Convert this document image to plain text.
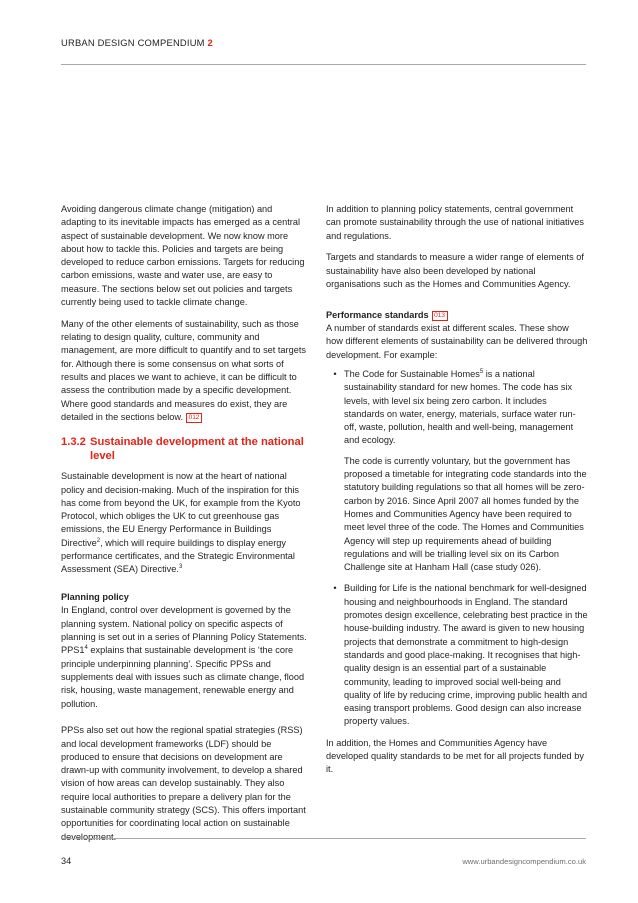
URBAN DESIGN COMPENDIUM 2

Avoiding dangerous climate change (mitigation) and adapting to its inevitable impacts has emerged as a central aspect of sustainable development. We now know more about how to tackle this. Policies and targets are being developed to reduce carbon emissions. Targets for reducing carbon emissions, waste and water use, are easy to measure. The sections below set out policies and targets currently being used to tackle climate change.

Many of the other elements of sustainability, such as those relating to design quality, culture, community and management, are more difficult to quantify and to set targets for. Although there is some consensus on what sorts of results and places we want to achieve, it can be difficult to assess the contribution made by a specific development. Where good standards and measures do exist, they are detailed in the sections below. 012

1.3.2 Sustainable development at the national level

Sustainable development is now at the heart of national policy and decision-making. Much of the inspiration for this has come from beyond the UK, for example from the Kyoto Protocol, which obliges the UK to cut greenhouse gas emissions, the EU Energy Performance in Buildings Directive$^2$, which will require buildings to display energy performance certificates, and the Strategic Environmental Assessment (SEA) Directive.$^3$

Planning policy

In England, control over development is governed by the planning system. National policy on specific aspects of planning is set out in a series of Planning Policy Statements. $PPS1^4$ explains that sustainable development is ‘the core principle underpinning planning’. Specific PPSs and supplements deal with issues such as climate change, flood risk, housing, waste management, renewable energy and pollution.

PPSs also set out how the regional spatial strategies (RSS) and local development frameworks (LDF) should be produced to ensure that decisions on development are drawn-up with community involvement, to develop a shared vision of how areas can develop sustainably. They also require local authorities to prepare a delivery plan for the sustainable community strategy (SCS). This offers important opportunities for coordinating local action on sustainable development.

In addition to planning policy statements, central government can promote sustainability through the use of national initiatives and regulations.

Targets and standards to measure a wider range of elements of sustainability have also been developed by national organisations such as the Homes and Communities Agency.

Performance standards 013

A number of standards exist at different scales. These show how different elements of sustainability can be delivered through development. For example:

• The Code for Sustainable Homes$^5$ is a national sustainability standard for new homes. The code has six levels, with level six being zero carbon. It includes standards on water, energy, materials, surface water run-off, waste, pollution, health and well-being, management and ecology.
The code is currently voluntary, but the government has proposed a timetable for integrating code standards into the statutory building regulations so that all homes will be zero-carbon by 2016. Since April 2007 all homes funded by the Homes and Communities Agency have been required to meet level three of the code. The Homes and Communities Agency will step up requirements ahead of building regulations and will be trialling level six on its Carbon Challenge site at Hanham Hall (case study 026).
• Building for Life is the national benchmark for well-designed housing and neighbourhoods in England. The standard promotes design excellence, celebrating best practice in the house-building industry. The award is given to new housing projects that demonstrate a commitment to high-design standards and good place-making. It recognises that high-quality design is an essential part of a sustainable community, leading to improved social well-being and quality of life by reducing crime, improving public health and easing transport problems. Good design can also increase property values.

In addition, the Homes and Communities Agency have developed quality standards to be met for all projects funded by it.

34	www.urbandesigncompendium.co.uk
